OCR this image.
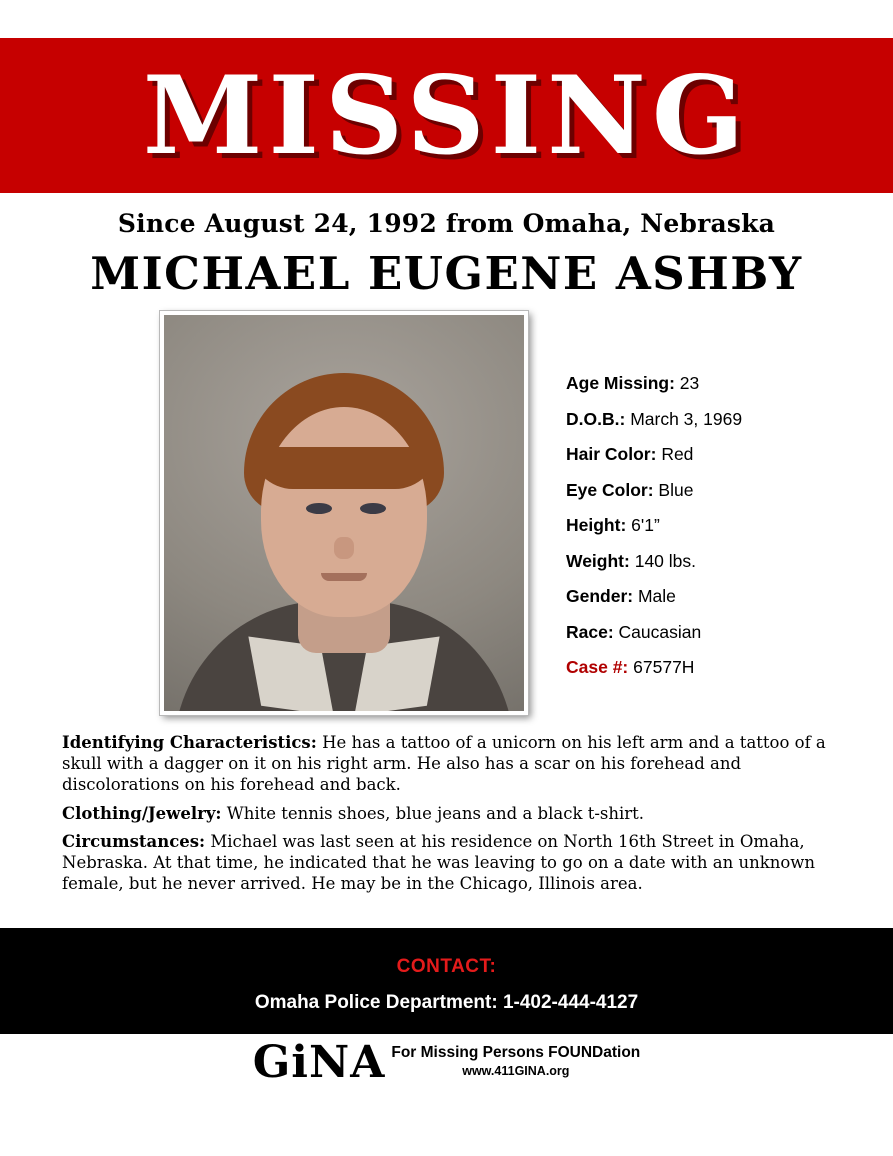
MISSING
Since August 24, 1992 from Omaha, Nebraska
MICHAEL EUGENE ASHBY
Age Missing: 23
D.O.B.: March 3, 1969
Hair Color: Red
Eye Color: Blue
Height: 6'1”
Weight: 140 lbs.
Gender: Male
Race: Caucasian
Case #: 67577H

Identifying Characteristics: He has a tattoo of a unicorn on his left arm and a tattoo of a skull with a dagger on it on his right arm. He also has a scar on his forehead and discolorations on his forehead and back.

Clothing/Jewelry: White tennis shoes, blue jeans and a black t-shirt.

Circumstances: Michael was last seen at his residence on North 16th Street in Omaha, Nebraska. At that time, he indicated that he was leaving to go on a date with an unknown female, but he never arrived. He may be in the Chicago, Illinois area.

CONTACT:
Omaha Police Department: 1-402-444-4127
GiNA For Missing Persons FOUNDation
www.411GINA.org
